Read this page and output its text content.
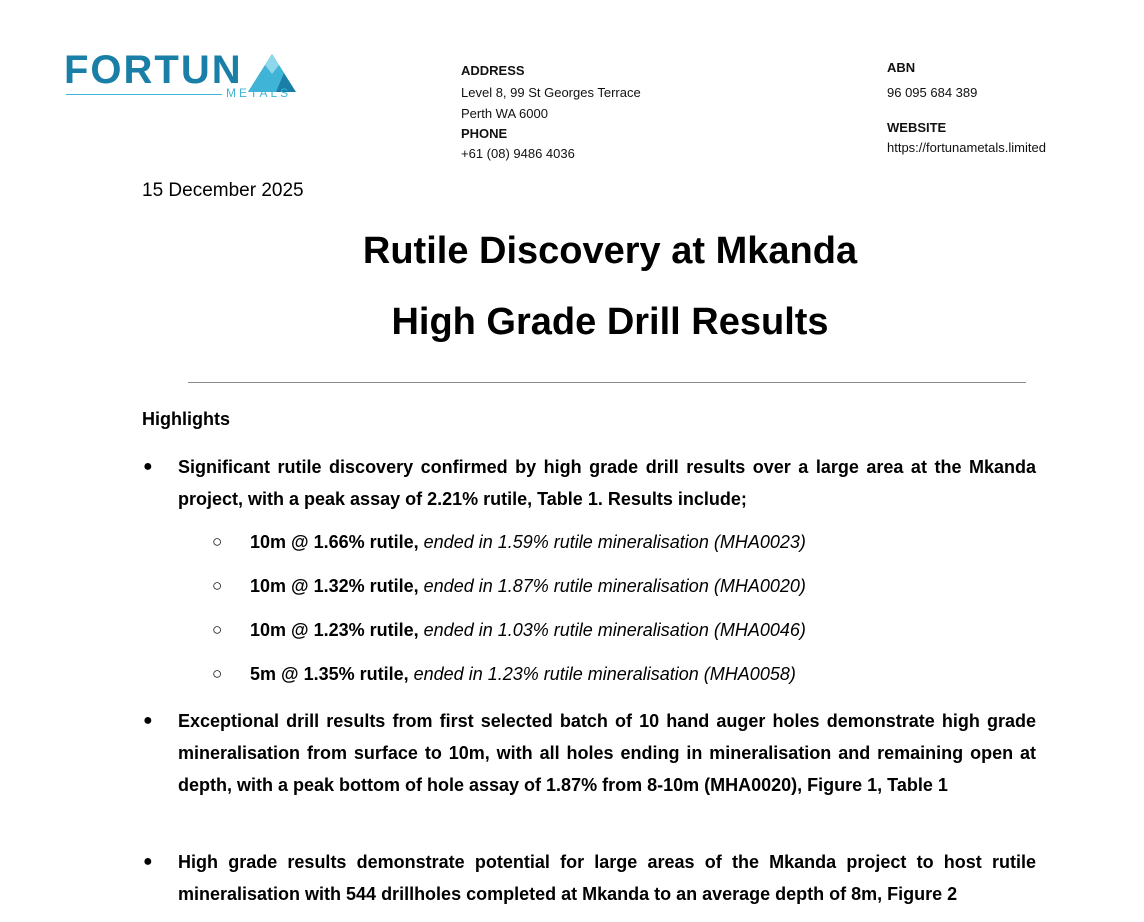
FORTUN
METALS
ADDRESS
Level 8, 99 St Georges Terrace
Perth WA 6000
PHONE
+61 (08) 9486 4036
ABN
96 095 684 389
WEBSITE
https://fortunametals.limited
15 December 2025
Rutile Discovery at Mkanda
High Grade Drill Results
Highlights
● Significant rutile discovery confirmed by high grade drill results over a large area at the Mkanda project, with a peak assay of 2.21% rutile, Table 1. Results include;
○ 10m @ 1.66% rutile, ended in 1.59% rutile mineralisation (MHA0023)
○ 10m @ 1.32% rutile, ended in 1.87% rutile mineralisation (MHA0020)
○ 10m @ 1.23% rutile, ended in 1.03% rutile mineralisation (MHA0046)
○ 5m @ 1.35% rutile, ended in 1.23% rutile mineralisation (MHA0058)
● Exceptional drill results from first selected batch of 10 hand auger holes demonstrate high grade mineralisation from surface to 10m, with all holes ending in mineralisation and remaining open at depth, with a peak bottom of hole assay of 1.87% from 8-10m (MHA0020), Figure 1, Table 1
● High grade results demonstrate potential for large areas of the Mkanda project to host rutile mineralisation with 544 drillholes completed at Mkanda to an average depth of 8m, Figure 2
